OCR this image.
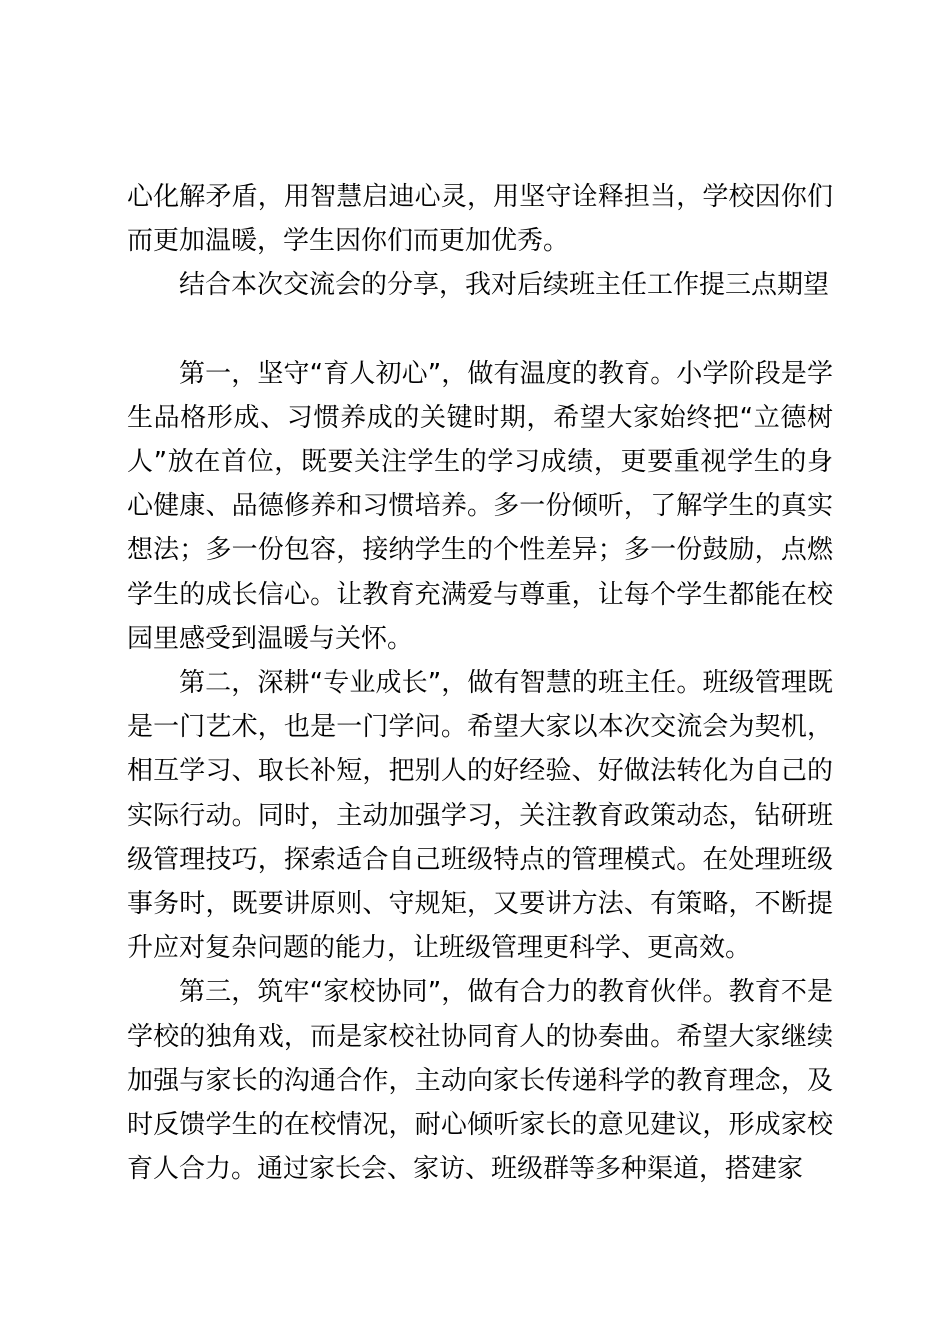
心化解矛盾，用智慧启迪心灵，用坚守诠释担当，学校因你们而更加温暖，学生因你们而更加优秀。

结合本次交流会的分享，我对后续班主任工作提三点期望

第一，坚守“育人初心”，做有温度的教育。小学阶段是学生品格形成、习惯养成的关键时期，希望大家始终把“立德树人”放在首位，既要关注学生的学习成绩，更要重视学生的身心健康、品德修养和习惯培养。多一份倾听，了解学生的真实想法；多一份包容，接纳学生的个性差异；多一份鼓励，点燃学生的成长信心。让教育充满爱与尊重，让每个学生都能在校园里感受到温暖与关怀。

第二，深耕“专业成长”，做有智慧的班主任。班级管理既是一门艺术，也是一门学问。希望大家以本次交流会为契机，相互学习、取长补短，把别人的好经验、好做法转化为自己的实际行动。同时，主动加强学习，关注教育政策动态，钻研班级管理技巧，探索适合自己班级特点的管理模式。在处理班级事务时，既要讲原则、守规矩，又要讲方法、有策略，不断提升应对复杂问题的能力，让班级管理更科学、更高效。

第三，筑牢“家校协同”，做有合力的教育伙伴。教育不是学校的独角戏，而是家校社协同育人的协奏曲。希望大家继续加强与家长的沟通合作，主动向家长传递科学的教育理念，及时反馈学生的在校情况，耐心倾听家长的意见建议，形成家校育人合力。通过家长会、家访、班级群等多种渠道，搭建家
